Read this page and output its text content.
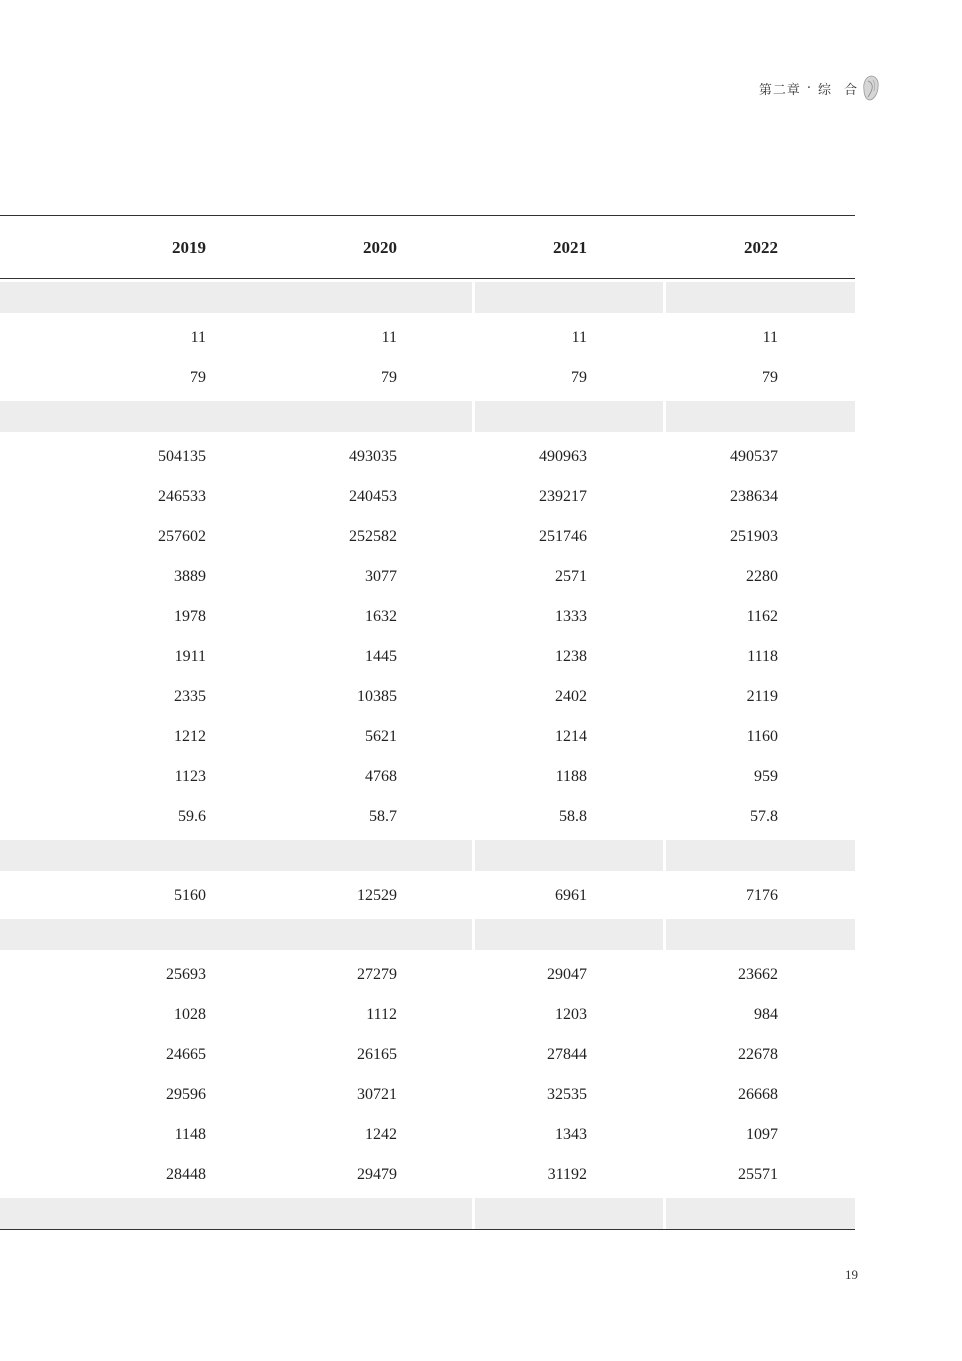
第二章 · 综 合
2019	2020	2021	2022
11	11	11	11
79	79	79	79
504135	493035	490963	490537
246533	240453	239217	238634
257602	252582	251746	251903
3889	3077	2571	2280
1978	1632	1333	1162
1911	1445	1238	1118
2335	10385	2402	2119
1212	5621	1214	1160
1123	4768	1188	959
59.6	58.7	58.8	57.8
5160	12529	6961	7176
25693	27279	29047	23662
1028	1112	1203	984
24665	26165	27844	22678
29596	30721	32535	26668
1148	1242	1343	1097
28448	29479	31192	25571
19
